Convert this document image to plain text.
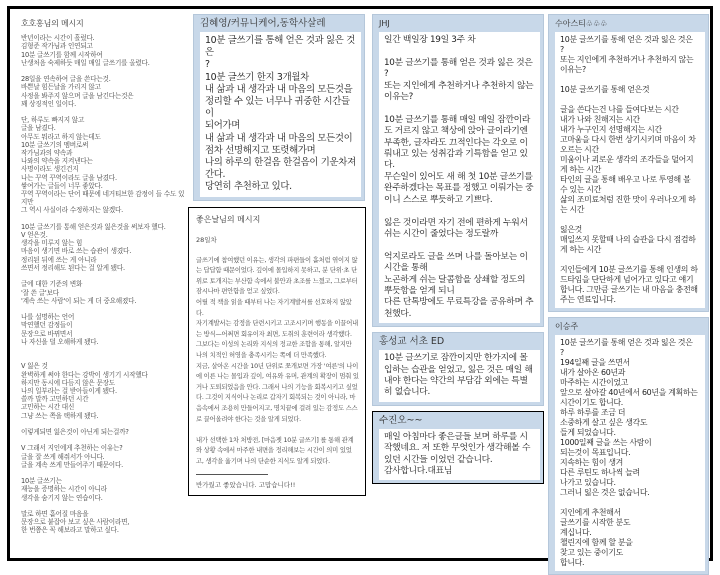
호호홍님의 메시지
반년이라는 시간이 흘렀다.
김형준 작가님과 인연되고
10분 글쓰기를 함께 시작하여
난생처음 숙제하듯 매일 매일 글쓰기를 올렸다.

28일을 연속하여 글을 쓴다는것.
바쁜날 힘든날을 가리지 않고
사정을 봐주지 않으며 글을 남긴다는것은
꽤 상징적인 일이다.

단, 하루도 빠지지 않고
글을 남겼다.
아무도 뭐라고 하지 않는데도
10분 글쓰기의 멤버로써
작가님과의 약속과
나와의 약속을 지켜낸다는
사명이라도 생긴건지
나는 꾸역 꾸역이라도 글을 남겼다.
쌓여가는 글들이 너무 좋았다.
꾸역 꾸역이라는 단어 때문에 네거티브한 감정이 들 수도 있지만
그 역시 사실이라 수정하지는 않겠다.

10분 글쓰기를 통해 얻은것과 잃은것을 써보자 했다.
V 얻은것.
생각을 미루지 않는 힘
마음이 생기면 바로 쓰는 습관이 생겼다.
정리된 뒤에 쓰는 게 아니라
쓰면서 정리해도 된다는 걸 알게 됐다.

글에 대한 기준의 변화
'잘 쓴 글'보다
'계속 쓰는 사람'이 되는 게 더 중요해졌다.

나를 설명하는 언어
막연했던 감정들이
문장으로 바뀌면서
나 자신을 덜 오해하게 됐다.

V 잃은 것
완벽하게 써야 한다는 강박이 생기기 시작했다
하지만 동시에 다듬지 않은 문장도
나의 일부라는 걸 받아들이게 됐다.
쓸까 말까 고민하던 시간
고민하는 시간 대신
그냥 쓰는 쪽을 택하게 됐다.

이렇게되면 잃은것이 아닌게 되는걸까?

V 그래서 지인에게 추천하는 이유는?
글을 잘 쓰게 해줘서가 아니다.
글을 계속 쓰게 만들어주기 때문이다.

10분 글쓰기는
재능을 증명하는 시간이 아니라
생각을 숨기지 않는 연습이다.

말로 하면 흩어질 마음을
문장으로 붙잡아 보고 싶은 사람이라면,
한 번쯤은 꼭 해보라고 말하고 싶다.
김혜영/커뮤니케어,동학사살레
10분 글쓰기를 통해 얻은 것과 잃은 것은
?
10분 글쓰기 한지 3개월차
내 삶과 내 생각과 내 마음의 모든것을
정리할 수 있는 너무나 귀중한 시간들이
되어가며
내 삶과 내 생각과 내 마음의 모든것이
점차 선명해지고 또렷해가며
나의 하루의 한걸음 한걸음이 기운차져
간다.
당연히 추천하고 있다.
좋은날님의 메시지
28일차
글쓰기에 참여했던 이유는, 생각의 파편들이 흩처럼 엮이지 않는 답답함 때문이었다. 깊이에 몰입하지 못하고, 분 단위·초 단위로 토개지는 부산함 속에서 불안과 초조를 느꼈고, 그로부터 잠시나마 편안함을 얻고 싶었다.
어릴 적 책을 읽을 때부터 나는 자기계발서를 선호하지 않았다.
자기계발서는 감정을 단련시키고 고조시키며 행동을 이끌어내는 방식—어쩌면 회유이자 최면, 도취의 훈련이라 생각했다. 그보다는 이성의 논리와 지식의 정교한 조합을 통해, 알지만 나의 치적인 허영을 충족시키는 쪽에 더 만족했다.
지금, 살아온 시간을 10년 단위로 쪼개보면 가장 '여른'의 나이에 이른 나는 몰입과 깊이, 여유와 유머, 관계의 확장이 멈춰 있거나 도퇴되었음을 안다. 그래서 나의 기능을 회복시키고 싶었다. 그것이 지식이나 논리로 갑자기 회복되는 것이 아니라, 마음속에서 조용히 만들어지고, 명치끝에 걸려 있는 감정도 스스로 끌어올려야 한다는 것을 알게 되었다.

내가 선택한 1차 처방전, [마음젯 10분 글쓰기] 를 통해 관계와 상황 속에서 마주한 내면을 정리해보는 시간이 의미 있었고, 생각을 옮기며 나의 단순한 지식도 알게 되었다.
반가웠고 좋았습니다. 고맙습니다!!
JHJ
일간 백일장 19일 3주 차

10분 글쓰기를 통해 얻은 것과 잃은 것은
?
또는 지인에게 추천하거나 추천하지 않는 이유는?

10분 글쓰기를 통해 매일 매일 잠깐이라도 거르지 않고 책상에 앉아 글이라기엔 부족한, 글자라도 끄적인다는 각오로 이뤄내고 있는 성취감과 기특함을 얻고 있다.
무슨일이 있어도 새 해 첫 10분 글쓰기를
완주하겠다는 목표를 정했고 이뤄가는 중이니 스스로 뿌듯하고 기쁘다.

잃은 것이라면 자기 전에 편하게 누워서 쉬는 시간이 줄었다는 정도랄까

억지로라도 글을 쓰며 나를 돌아보는 이 시간을 통해
노곤하게 쉬는 달콤함을 상쇄할 정도의 뿌듯함을 얻게 되니
다른 단톡방에도 무료특강을 공유하며 추천했다.
홍성교 서초 ED
10분 글쓰기로 잠깐이지만 한가지에 몰입하는 습관을 얻었고, 잃은 것은 매일 해내야 한다는 약간의 부담감 외에는 특별히 없습니다.
수진오~~
매일 아침마다 좋은글들 보며 하루를 시작했네요. 저 또한 무엇인가 생각해볼 수
있던 시간들 이었던 같습니다.
감사합니다.대표님
수아스티♧♧♧
10분 글쓰기를 통해 얻은 것과 잃은 것은
?
또는 지인에게 추천하거나 추천하지 않는 이유는?

10분 글쓰기를 통해 얻은것

글을 쓴다는건 나를 들여다보는 시간
내가 나와 친해지는 시간
내가 누구인지 선명해지는 시간
고마움을 다시 한번 상기시키며 마음이 차오르는 시간
미움이나 괴로운 생각의 조각들을 덜어지게 하는 시간
타인의 글을 통해 배우고 나로 투영해 볼
수 있는 시간
삶의 조미료처럼 진한 맛이 우러나오게 하는 시간

잃은것
매일쓰지 못할때 나의 습관을 다시 점검하게 하는 시간

지인들에게 10분 글쓰기를 통해 인생의 하드타임을 단단하게 넘어가고 있다고 얘기합니다. 그만큼 글쓰기는 내 마음을 충전해주는 연료입니다.
이승주
10분 글쓰기를 통해 얻은 것과 잃은 것은
?
194일째 글을 쓰면서
내가 살아온 60년과
마주하는 시간이었고
앞으로 살아갈 40년에서 60년을 계획하는 시간이기도 합니다.
하루 하루를 조금 더
소중하게 살고 싶은 생각도
들게 되었습니다.
1000일째 글을 쓰는 사람이
되는것이 목표입니다.
지속하는 힘이 생겨
다른 루틴도 하나씩 늘려
나가고 있습니다.
그러니 잃은 것은 없습니다.

지인에게 추천해서
글쓰기를 시작한 분도
계십니다.
챌린지에 함께 할 분을
찾고 있는 중이기도
합니다.
